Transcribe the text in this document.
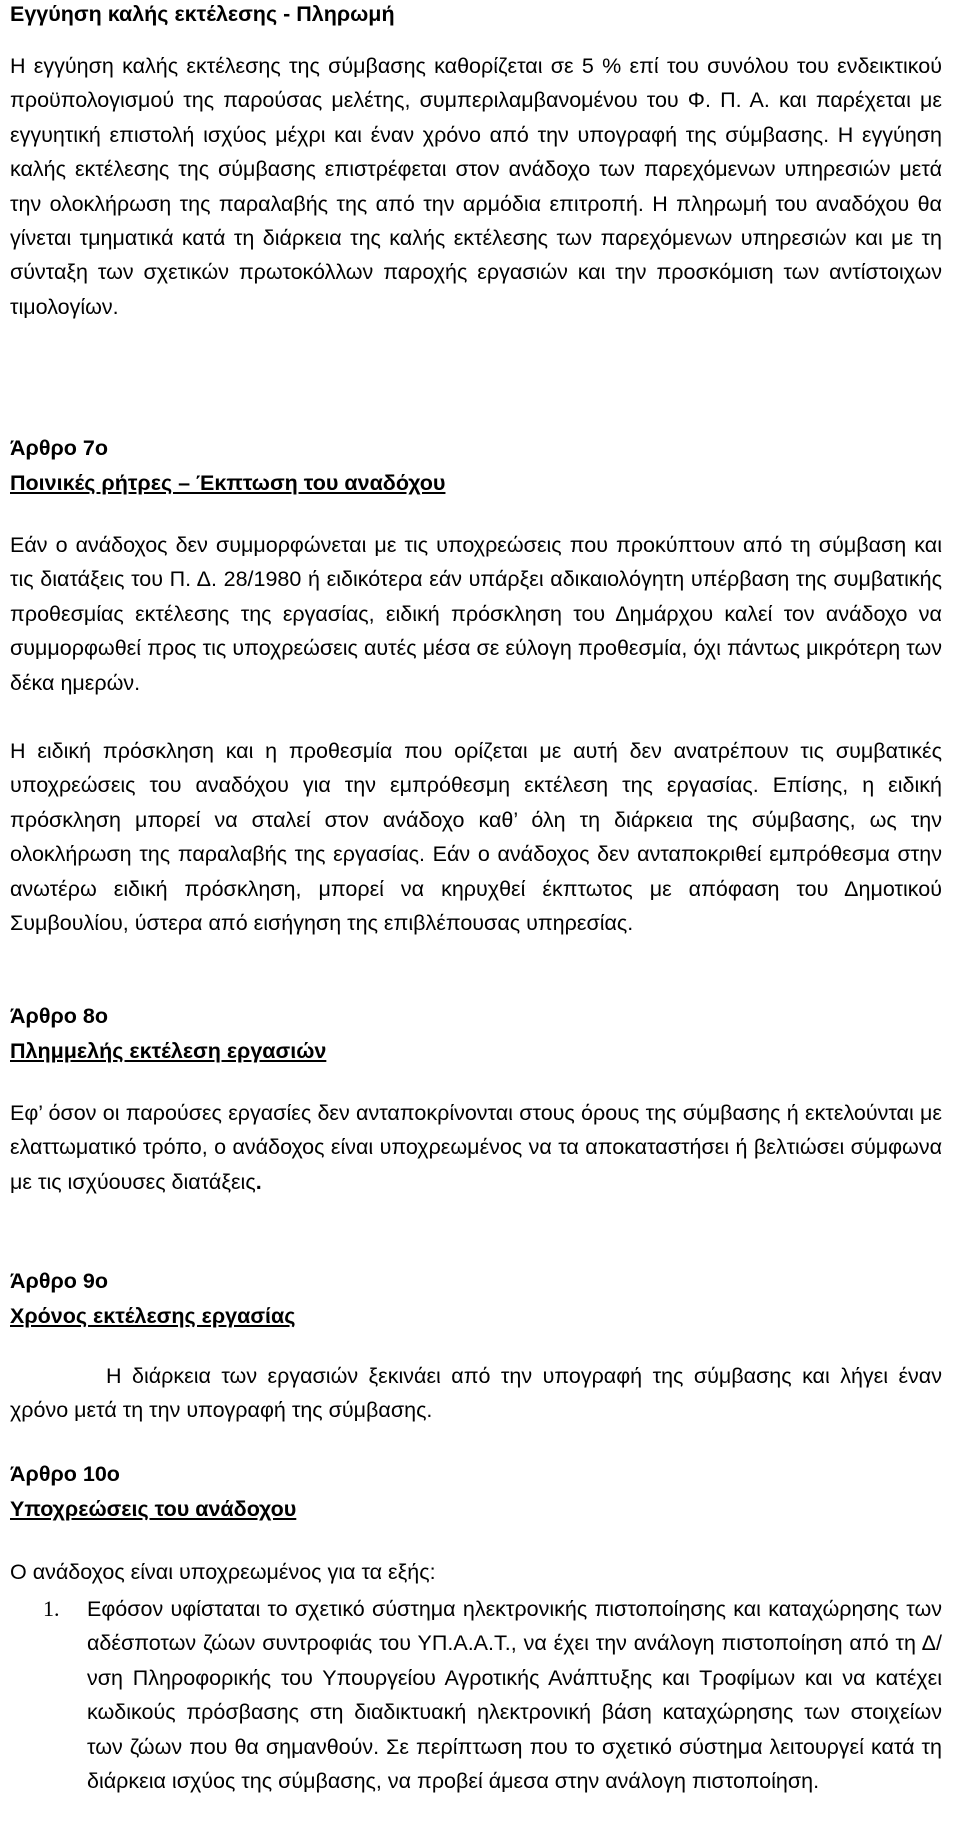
Εγγύηση καλής εκτέλεσης - Πληρωμή

Η εγγύηση καλής εκτέλεσης της σύμβασης καθορίζεται σε 5 % επί του συνόλου του ενδεικτικού προϋπολογισμού της παρούσας μελέτης, συμπεριλαμβανομένου του Φ. Π. Α. και παρέχεται με εγγυητική επιστολή ισχύος μέχρι και έναν χρόνο από την υπογραφή της σύμβασης. Η εγγύηση καλής εκτέλεσης της σύμβασης επιστρέφεται στον ανάδοχο των παρεχόμενων υπηρεσιών μετά την ολοκλήρωση της παραλαβής της από την αρμόδια επιτροπή. Η πληρωμή του αναδόχου θα γίνεται τμηματικά κατά τη διάρκεια της καλής εκτέλεσης των παρεχόμενων υπηρεσιών και με τη σύνταξη των σχετικών πρωτοκόλλων παροχής εργασιών και την προσκόμιση των αντίστοιχων τιμολογίων.

Άρθρο 7ο

Ποινικές ρήτρες – Έκπτωση του αναδόχου

Εάν ο ανάδοχος δεν συμμορφώνεται με τις υποχρεώσεις που προκύπτουν από τη σύμβαση και τις διατάξεις του Π. Δ. 28/1980 ή ειδικότερα εάν υπάρξει αδικαιολόγητη υπέρβαση της συμβατικής προθεσμίας εκτέλεσης της εργασίας, ειδική πρόσκληση του Δημάρχου καλεί τον ανάδοχο να συμμορφωθεί προς τις υποχρεώσεις αυτές μέσα σε εύλογη προθεσμία, όχι πάντως μικρότερη των δέκα ημερών.

Η ειδική πρόσκληση και η προθεσμία που ορίζεται με αυτή δεν ανατρέπουν τις συμβατικές υποχρεώσεις του αναδόχου για την εμπρόθεσμη εκτέλεση της εργασίας. Επίσης, η ειδική πρόσκληση μπορεί να σταλεί στον ανάδοχο καθ’ όλη τη διάρκεια της σύμβασης, ως την ολοκλήρωση της παραλαβής της εργασίας. Εάν ο ανάδοχος δεν ανταποκριθεί εμπρόθεσμα στην ανωτέρω ειδική πρόσκληση, μπορεί να κηρυχθεί έκπτωτος με απόφαση του Δημοτικού Συμβουλίου, ύστερα από εισήγηση της επιβλέπουσας υπηρεσίας.

Άρθρο 8ο

Πλημμελής εκτέλεση εργασιών

Εφ’ όσον οι παρούσες εργασίες δεν ανταποκρίνονται στους όρους της σύμβασης ή εκτελούνται με ελαττωματικό τρόπο, ο ανάδοχος είναι υποχρεωμένος να τα αποκαταστήσει ή βελτιώσει σύμφωνα με τις ισχύουσες διατάξεις.

Άρθρο 9ο

Χρόνος εκτέλεσης εργασίας

Η διάρκεια των εργασιών ξεκινάει από την υπογραφή της σύμβασης και λήγει έναν χρόνο μετά τη την υπογραφή της σύμβασης.

Άρθρο 10ο

Υποχρεώσεις του ανάδοχου

Ο ανάδοχος είναι υποχρεωμένος για τα εξής:

1. Εφόσον υφίσταται το σχετικό σύστημα ηλεκτρονικής πιστοποίησης και καταχώρησης των αδέσποτων ζώων συντροφιάς του ΥΠ.Α.Α.Τ., να έχει την ανάλογη πιστοποίηση από τη Δ/νση Πληροφορικής του Υπουργείου Αγροτικής Ανάπτυξης και Τροφίμων και να κατέχει κωδικούς πρόσβασης στη διαδικτυακή ηλεκτρονική βάση καταχώρησης των στοιχείων των ζώων που θα σημανθούν. Σε περίπτωση που το σχετικό σύστημα λειτουργεί κατά τη διάρκεια ισχύος της σύμβασης, να προβεί άμεσα στην ανάλογη πιστοποίηση.
